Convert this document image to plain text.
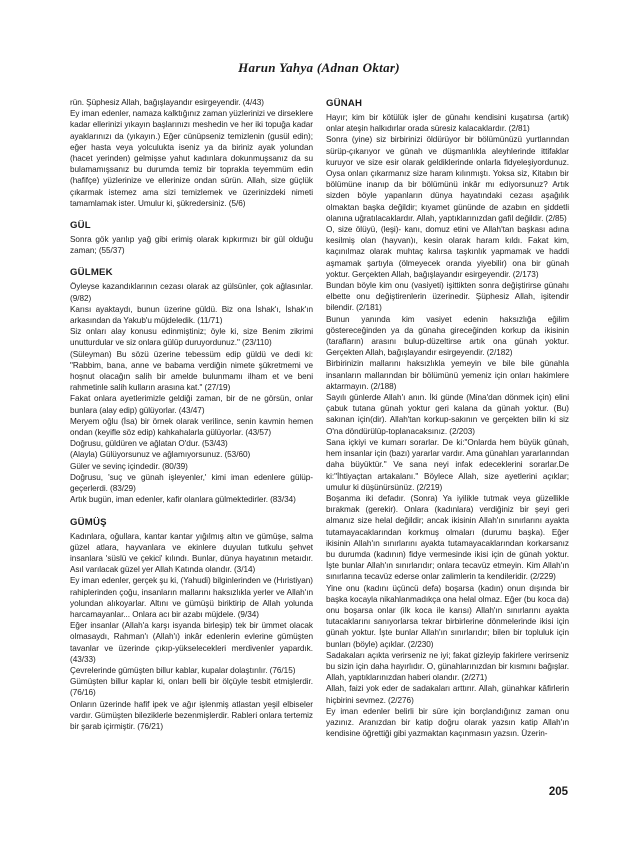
Harun Yahya (Adnan Oktar)
rün. Şüphesiz Allah, bağışlayandır esirgeyendir. (4/43)
Ey iman edenler, namaza kalktığınız zaman yüzlerinizi ve dirseklere kadar ellerinizi yıkayın başlarınızı meshedin ve her iki topuğa kadar ayaklarınızı da (yıkayın.) Eğer cünüpseniz temizlenin (gusül edin); eğer hasta veya yolculukta iseniz ya da biriniz ayak yolundan (hacet yerinden) gelmişse yahut kadınlara dokunmuşsanız da su bulamamışsanız bu durumda temiz bir toprakla teyemmüm edin (hafifçe) yüzlerinize ve ellerinize ondan sürün. Allah, size güçlük çıkarmak istemez ama sizi temizlemek ve üzerinizdeki nimeti tamamlamak ister. Umulur ki, şükredersiniz. (5/6)
GÜL
Sonra gök yarılıp yağ gibi erimiş olarak kıpkırmızı bir gül olduğu zaman; (55/37)
GÜLMEK
Öyleyse kazandıklarının cezası olarak az gülsünler, çok ağlasınlar. (9/82)
Karısı ayaktaydı, bunun üzerine güldü. Biz ona İshak'ı, İshak'ın arkasından da Yakub'u müjdeledik. (11/71)
Siz onları alay konusu edinmiştiniz; öyle ki, size Benim zikrimi unutturdular ve siz onlara gülüp duruyordunuz." (23/110)
(Süleyman) Bu sözü üzerine tebessüm edip güldü ve dedi ki: "Rabbim, bana, anne ve babama verdiğin nimete şükretmemi ve hoşnut olacağın salih bir amelde bulunmamı ilham et ve beni rahmetinle salih kulların arasına kat." (27/19)
Fakat onlara ayetlerimizle geldiği zaman, bir de ne görsün, onlar bunlara (alay edip) gülüyorlar. (43/47)
Meryem oğlu (İsa) bir örnek olarak verilince, senin kavmin hemen ondan (keyifle söz edip) kahkahalarla gülüyorlar. (43/57)
Doğrusu, güldüren ve ağlatan O'dur. (53/43)
(Alayla) Gülüyorsunuz ve ağlamıyorsunuz. (53/60)
Güler ve sevinç içindedir. (80/39)
Doğrusu, 'suç ve günah işleyenler,' kimi iman edenlere gülüp-geçerlerdi. (83/29)
Artık bugün, iman edenler, kafir olanlara gülmektedirler. (83/34)
GÜMÜŞ
Kadınlara, oğullara, kantar kantar yığılmış altın ve gümüşe, salma güzel atlara, hayvanlara ve ekinlere duyulan tutkulu şehvet insanlara 'süslü ve çekici' kılındı. Bunlar, dünya hayatının metaıdır. Asıl varılacak güzel yer Allah Katında olandır. (3/14)
Ey iman edenler, gerçek şu ki, (Yahudi) bilginlerinden ve (Hıristiyan) rahiplerinden çoğu, insanların mallarını haksızlıkla yerler ve Allah'ın yolundan alıkoyarlar. Altını ve gümüşü biriktirip de Allah yolunda harcamayanlar... Onlara acı bir azabı müjdele. (9/34)
Eğer insanlar (Allah'a karşı isyanda birleşip) tek bir ümmet olacak olmasaydı, Rahman'ı (Allah'ı) inkâr edenlerin evlerine gümüşten tavanlar ve üzerinde çıkıp-yükselecekleri merdivenler yapardık. (43/33)
Çevrelerinde gümüşten billur kablar, kupalar dolaştırılır. (76/15)
Gümüşten billur kaplar ki, onları belli bir ölçüyle tesbit etmişlerdir. (76/16)
Onların üzerinde hafif ipek ve ağır işlenmiş atlastan yeşil elbiseler vardır. Gümüşten bileziklerle bezenmişlerdir. Rableri onlara tertemiz bir şarab içirmiştir. (76/21)
GÜNAH
Hayır; kim bir kötülük işler de günahı kendisini kuşatırsa (artık) onlar ateşin halkıdırlar orada süresiz kalacaklardır. (2/81)
Sonra (yine) siz birbirinizi öldürüyor bir bölümünüzü yurtlarından sürüp-çıkarıyor ve günah ve düşmanlıkla aleyhlerinde ittifaklar kuruyor ve size esir olarak geldiklerinde onlarla fidyeleşiyordunuz. Oysa onları çıkarmanız size haram kılınmıştı. Yoksa siz, Kitabın bir bölümüne inanıp da bir bölümünü inkâr mı ediyorsunuz? Artık sizden böyle yapanların dünya hayatındaki cezası aşağılık olmaktan başka değildir; kıyamet gününde de azabın en şiddetli olanına uğratılacaklardır. Allah, yaptıklarınızdan gafil değildir. (2/85)
O, size ölüyü, (leşi)- kanı, domuz etini ve Allah'tan başkası adına kesilmiş olan (hayvan)ı, kesin olarak haram kıldı. Fakat kim, kaçınılmaz olarak muhtaç kalırsa taşkınlık yapmamak ve haddi aşmamak şartıyla (ölmeyecek oranda yiyebilir) ona bir günah yoktur. Gerçekten Allah, bağışlayandır esirgeyendir. (2/173)
Bundan böyle kim onu (vasiyeti) işittikten sonra değiştirirse günahı elbette onu değiştirenlerin üzerinedir. Şüphesiz Allah, işitendir bilendir. (2/181)
Bunun yanında kim vasiyet edenin haksızlığa eğilim göstereceğinden ya da günaha gireceğinden korkup da ikisinin (tarafların) arasını bulup-düzeltirse artık ona günah yoktur. Gerçekten Allah, bağışlayandır esirgeyendir. (2/182)
Birbirinizin mallarını haksızlıkla yemeyin ve bile bile günahla insanların mallarından bir bölümünü yemeniz için onları hakimlere aktarmayın. (2/188)
Sayılı günlerde Allah'ı anın. İki günde (Mina'dan dönmek için) elini çabuk tutana günah yoktur geri kalana da günah yoktur. (Bu) sakınan için(dir). Allah'tan korkup-sakının ve gerçekten bilin ki siz O'na döndürülüp-toplanacaksınız. (2/203)
Sana içkiyi ve kumarı sorarlar. De ki:"Onlarda hem büyük günah, hem insanlar için (bazı) yararlar vardır. Ama günahları yararlarından daha büyüktür." Ve sana neyi infak edeceklerini sorarlar.De ki:"İhtiyaçtan artakalanı." Böylece Allah, size ayetlerini açıklar; umulur ki düşünürsünüz. (2/219)
Boşanma iki defadır. (Sonra) Ya iyilikle tutmak veya güzellikle bırakmak (gerekir). Onlara (kadınlara) verdiğiniz bir şeyi geri almanız size helal değildir; ancak ikisinin Allah'ın sınırlarını ayakta tutamayacaklarından korkmuş olmaları (durumu başka). Eğer ikisinin Allah'ın sınırlarını ayakta tutamayacaklarından korkarsanız bu durumda (kadının) fidye vermesinde ikisi için de günah yoktur. İşte bunlar Allah'ın sınırlarıdır; onlara tecavüz etmeyin. Kim Allah'ın sınırlarına tecavüz ederse onlar zalimlerin ta kendileridir. (2/229)
Yine onu (kadını üçüncü defa) boşarsa (kadın) onun dışında bir başka kocayla nikahlanmadıkça ona helal olmaz. Eğer (bu koca da) onu boşarsa onlar (ilk koca ile karısı) Allah'ın sınırlarını ayakta tutacaklarını sanıyorlarsa tekrar birbirlerine dönmelerinde ikisi için günah yoktur. İşte bunlar Allah'ın sınırlarıdır; bilen bir topluluk için bunları (böyle) açıklar. (2/230)
Sadakaları açıkta verirseniz ne iyi; fakat gizleyip fakirlere verirseniz bu sizin için daha hayırlıdır. O, günahlarınızdan bir kısmını bağışlar. Allah, yaptıklarınızdan haberi olandır. (2/271)
Allah, faizi yok eder de sadakaları arttırır. Allah, günahkar kâfirlerin hiçbirini sevmez. (2/276)
Ey iman edenler belirli bir süre için borçlandığınız zaman onu yazınız. Aranızdan bir katip doğru olarak yazsın katip Allah'ın kendisine öğrettiği gibi yazmaktan kaçınmasın yazsın. Üzerin-
205
